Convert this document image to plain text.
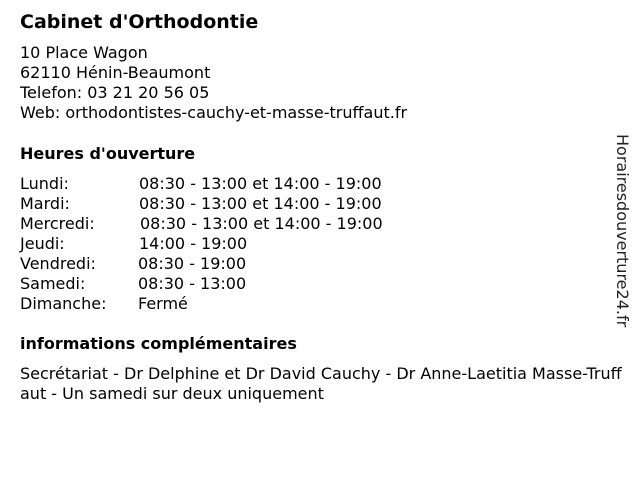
Cabinet d'Orthodontie
10 Place Wagon
62110 Hénin-Beaumont
Telefon: 03 21 20 56 05
Web: orthodontistes-cauchy-et-masse-truffaut.fr
Heures d'ouverture
Lundi:	08:30 - 13:00 et 14:00 - 19:00
Mardi:	08:30 - 13:00 et 14:00 - 19:00
Mercredi:	08:30 - 13:00 et 14:00 - 19:00
Jeudi:	14:00 - 19:00
Vendredi:	08:30 - 19:00
Samedi:	08:30 - 13:00
Dimanche: Fermé
informations complémentaires
Secrétariat - Dr Delphine et Dr David Cauchy - Dr Anne-Laetitia Masse-Truffaut - Un samedi sur deux uniquement
Horairesdouverture24.fr
